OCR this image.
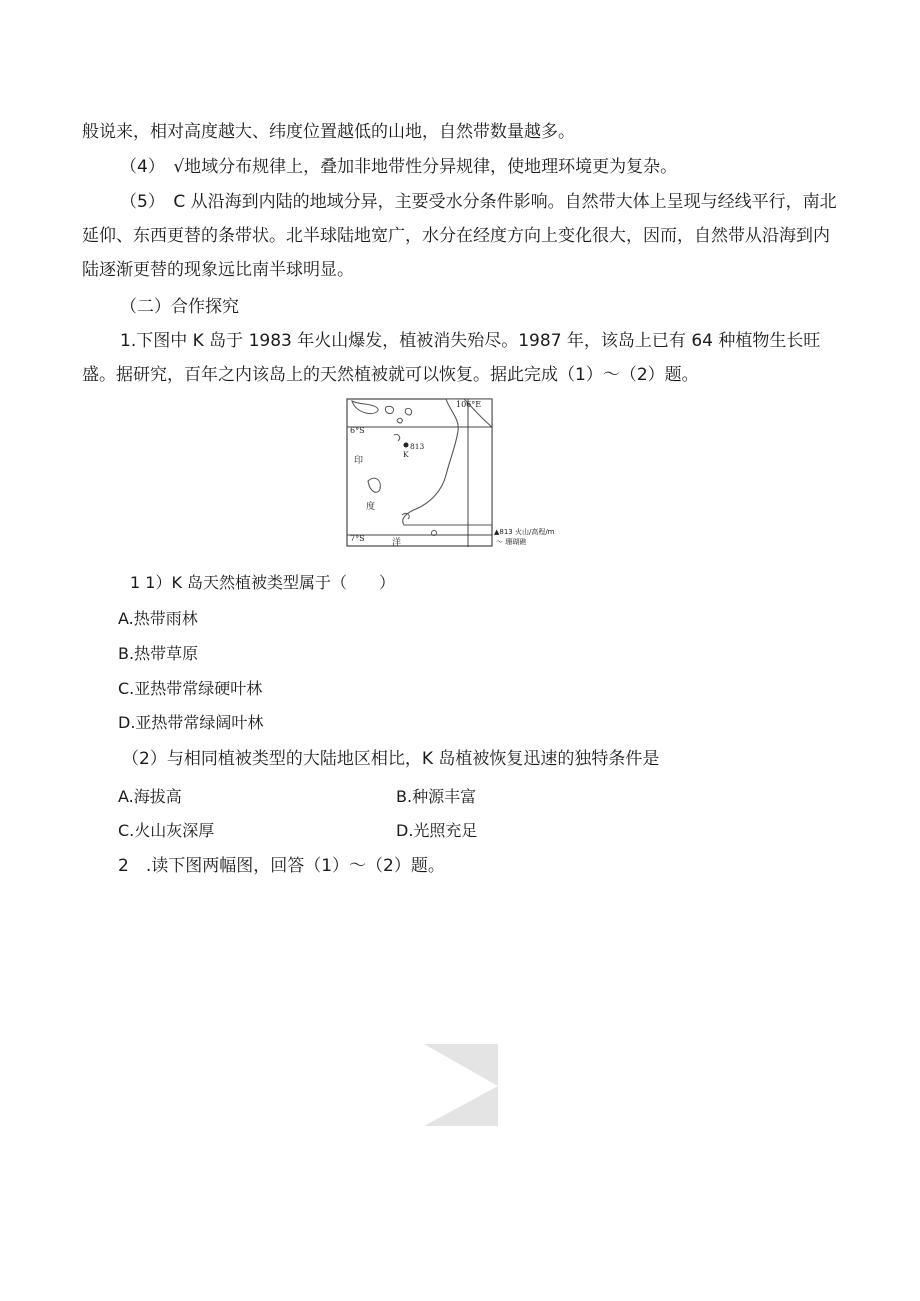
般说来，相对高度越大、纬度位置越低的山地，自然带数量越多。
（4）　√地域分布规律上，叠加非地带性分异规律，使地理环境更为复杂。
（5）　C 从沿海到内陆的地域分异，主要受水分条件影响。自然带大体上呈现与经线平行，南北延仰、东西更替的条带状。北半球陆地宽广，水分在经度方向上变化很大，因而，自然带从沿海到内陆逐渐更替的现象远比南半球明显。
（二）合作探究
1.下图中 K 岛于 1983 年火山爆发，植被消失殆尽。1987 年，该岛上已有 64 种植物生长旺盛。据研究，百年之内该岛上的天然植被就可以恢复。据此完成（1）～（2）题。
106°E
6°S
7°S
813
K
印
度
洋
▲813 火山/高程/m
～ 珊瑚礁
1 1）K 岛天然植被类型属于（　　）
A.热带雨林
B.热带草原
C.亚热带常绿硬叶林
D.亚热带常绿阔叶林
（2）与相同植被类型的大陆地区相比，K 岛植被恢复迅速的独特条件是
A.海拔高	B.种源丰富
C.火山灰深厚	D.光照充足
2　.读下图两幅图，回答（1）～（2）题。
